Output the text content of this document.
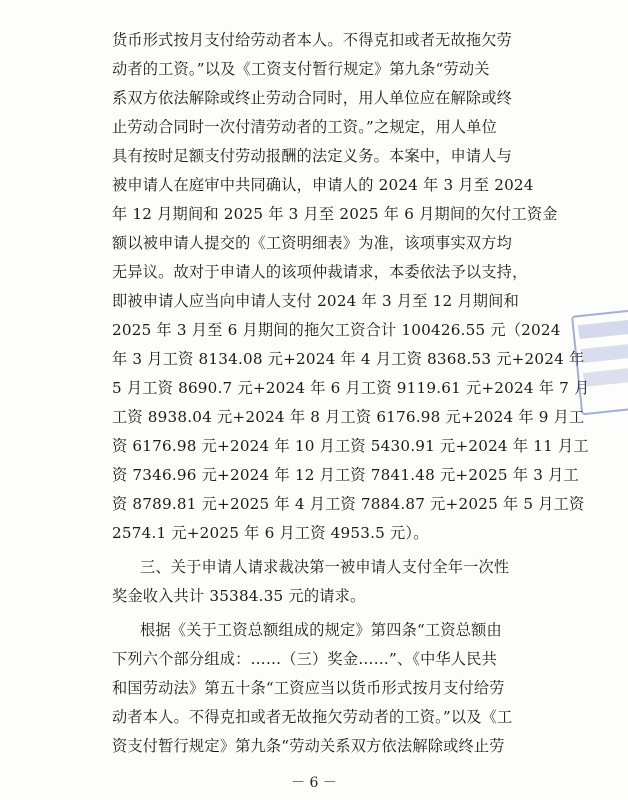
货币形式按月支付给劳动者本人。不得克扣或者无故拖欠劳
动者的工资。”以及《工资支付暂行规定》第九条“劳动关
系双方依法解除或终止劳动合同时，用人单位应在解除或终
止劳动合同时一次付清劳动者的工资。”之规定，用人单位
具有按时足额支付劳动报酬的法定义务。本案中，申请人与
被申请人在庭审中共同确认，申请人的 2024 年 3 月至 2024
年 12 月期间和 2025 年 3 月至 2025 年 6 月期间的欠付工资金
额以被申请人提交的《工资明细表》为准，该项事实双方均
无异议。故对于申请人的该项仲裁请求，本委依法予以支持，
即被申请人应当向申请人支付 2024 年 3 月至 12 月期间和
2025 年 3 月至 6 月期间的拖欠工资合计 100426.55 元（2024
年 3 月工资 8134.08 元+2024 年 4 月工资 8368.53 元+2024 年
5 月工资 8690.7 元+2024 年 6 月工资 9119.61 元+2024 年 7 月
工资 8938.04 元+2024 年 8 月工资 6176.98 元+2024 年 9 月工
资 6176.98 元+2024 年 10 月工资 5430.91 元+2024 年 11 月工
资 7346.96 元+2024 年 12 月工资 7841.48 元+2025 年 3 月工
资 8789.81 元+2025 年 4 月工资 7884.87 元+2025 年 5 月工资
2574.1 元+2025 年 6 月工资 4953.5 元）。
三、关于申请人请求裁决第一被申请人支付全年一次性
奖金收入共计 35384.35 元的请求。
根据《关于工资总额组成的规定》第四条“工资总额由
下列六个部分组成：……（三）奖金……”、《中华人民共
和国劳动法》第五十条“工资应当以货币形式按月支付给劳
动者本人。不得克扣或者无故拖欠劳动者的工资。”以及《工
资支付暂行规定》第九条“劳动关系双方依法解除或终止劳
－ 6 －
